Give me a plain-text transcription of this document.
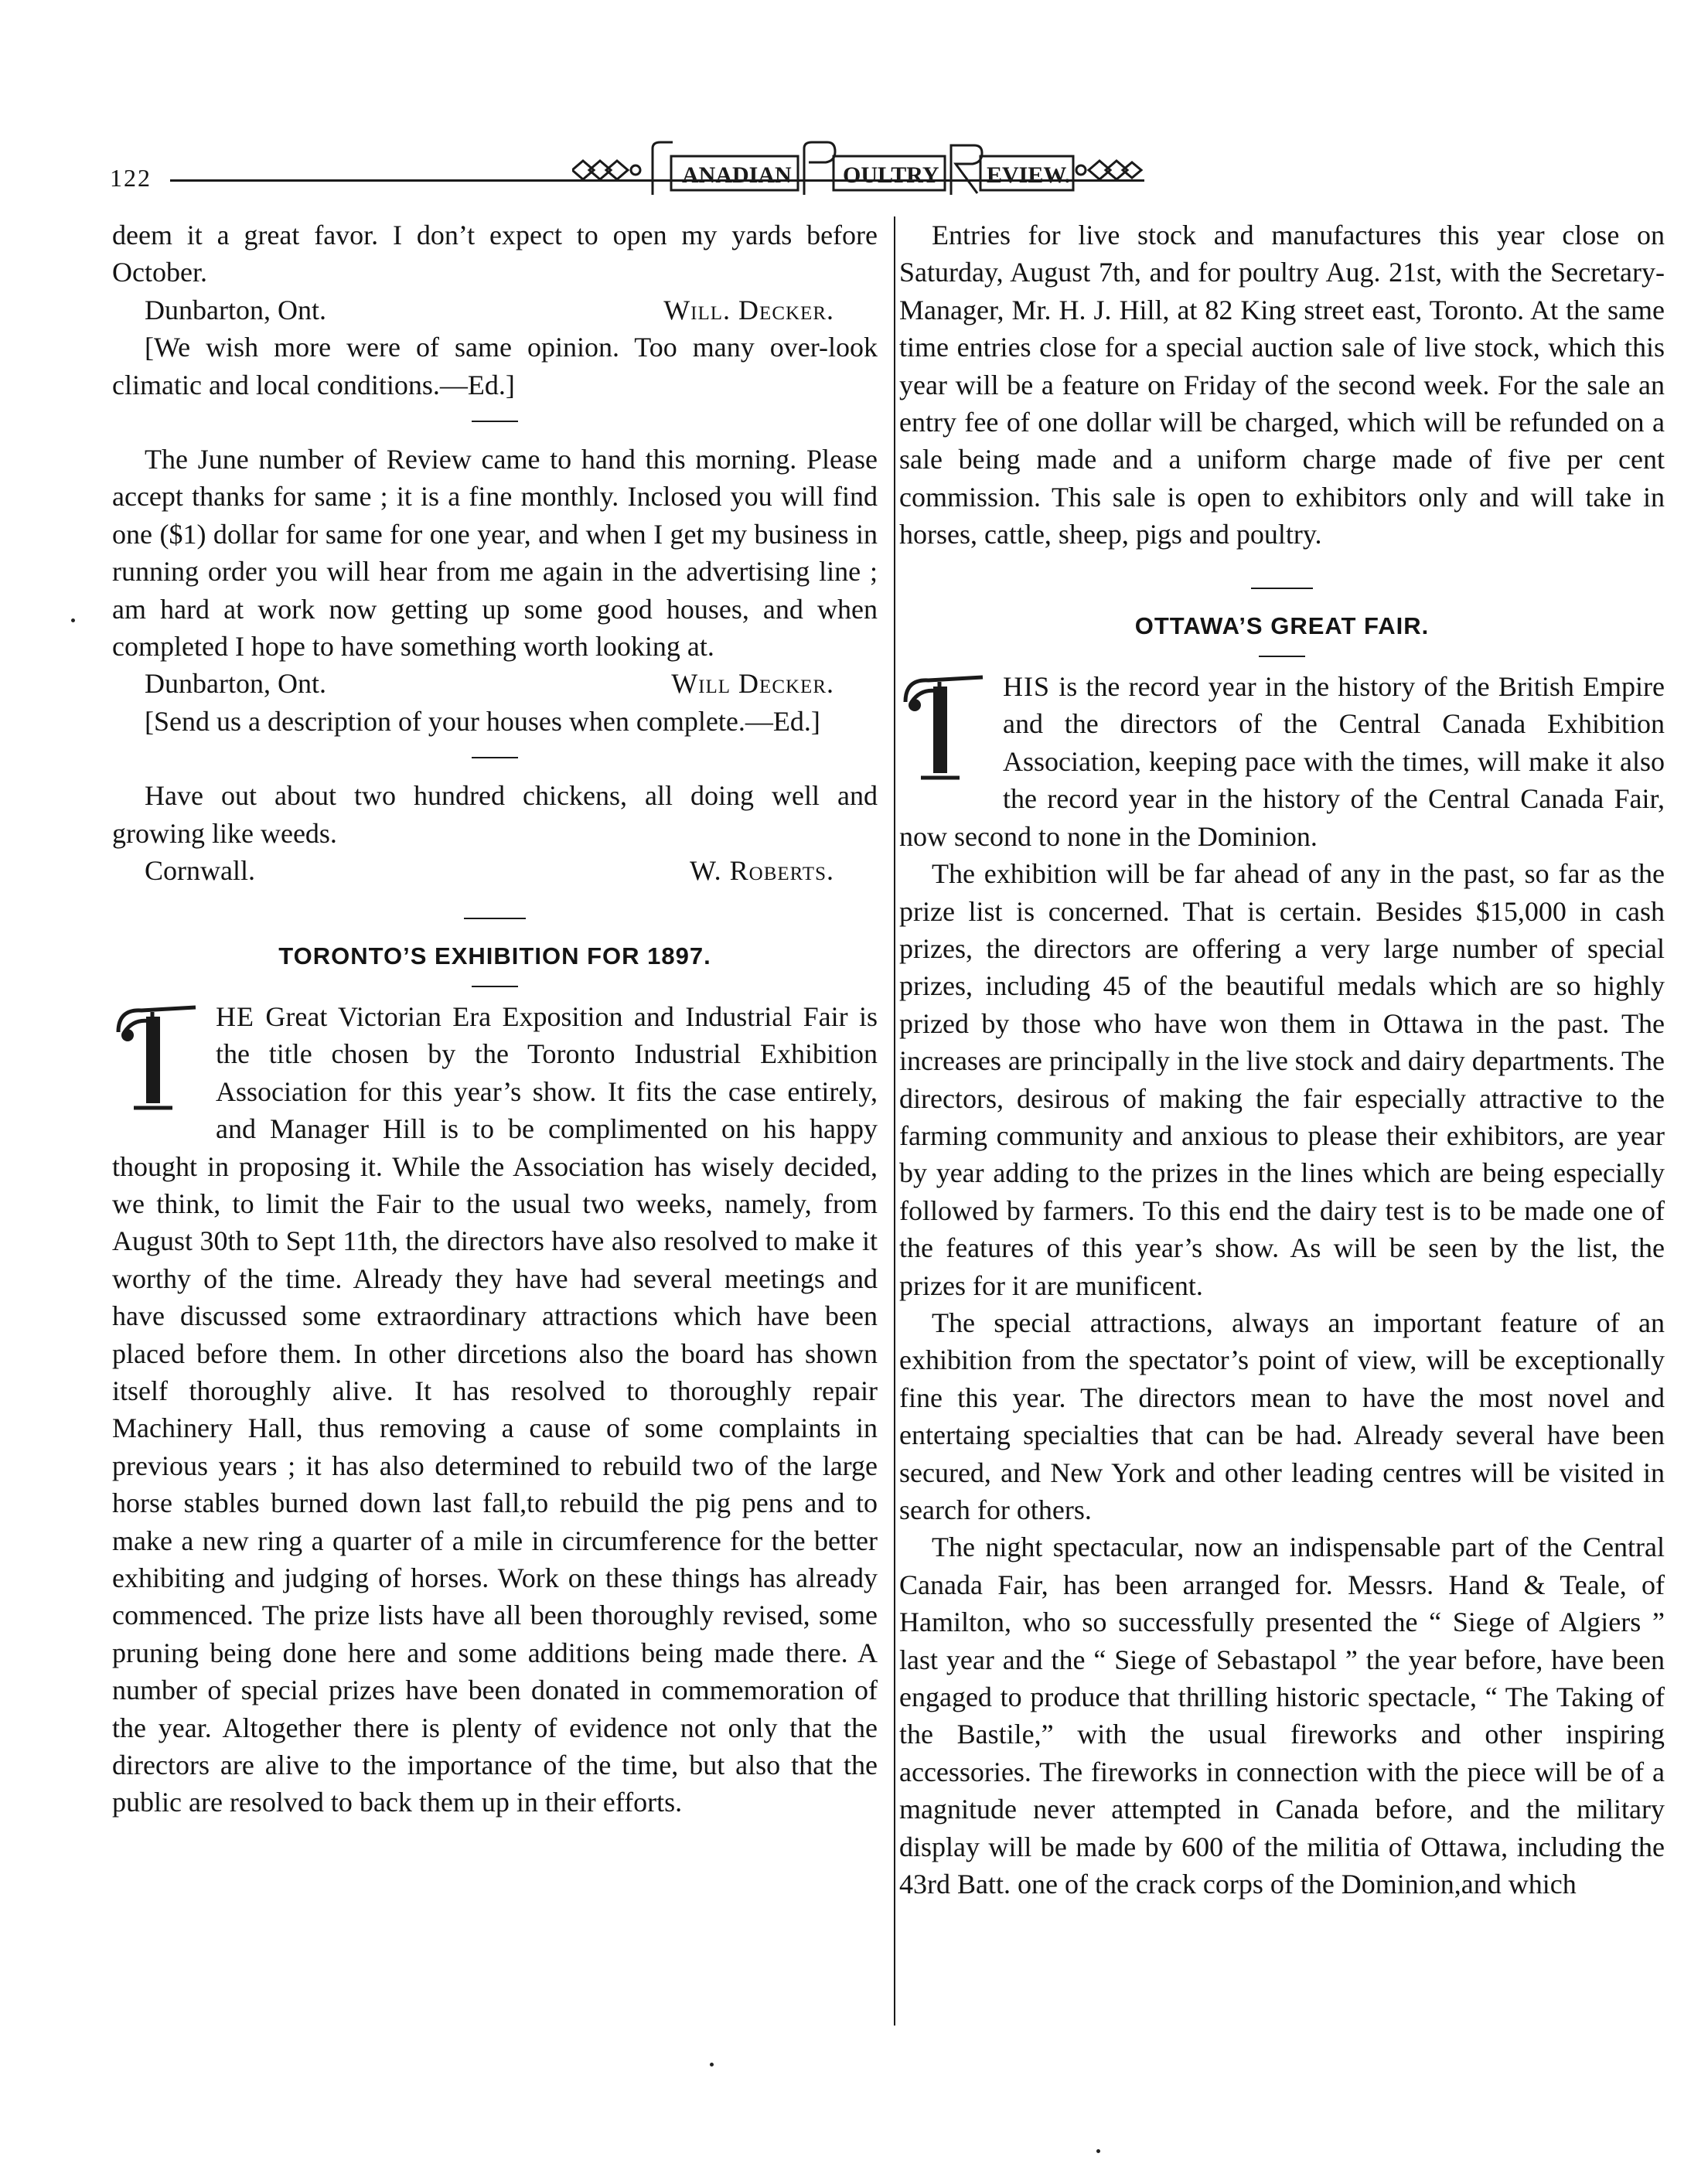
122	ANADIAN OULTRY EVIEW.

deem it a great favor. I don’t expect to open my yards before October.

Dunbarton, Ont.	Will. Decker.

[We wish more were of same opinion. Too many over-look climatic and local conditions.—Ed.]

The June number of Review came to hand this morning. Please accept thanks for same ; it is a fine monthly. Inclosed you will find one ($1) dollar for same for one year, and when I get my business in running order you will hear from me again in the advertising line ; am hard at work now getting up some good houses, and when completed I hope to have something worth looking at.

Dunbarton, Ont.	Will Decker.

[Send us a description of your houses when complete.—Ed.]

Have out about two hundred chickens, all doing well and growing like weeds.

Cornwall.	W. Roberts.
TORONTO’S EXHIBITION FOR 1897.
HE Great Victorian Era Exposition and Industrial Fair is the title chosen by the Toronto Industrial Exhibition Association for this year’s show. It fits the case entirely, and Manager Hill is to be complimented on his happy thought in proposing it. While the Association has wisely decided, we think, to limit the Fair to the usual two weeks, namely, from August 30th to Sept 11th, the directors have also resolved to make it worthy of the time. Already they have had several meetings and have discussed some extraordinary attractions which have been placed before them. In other dircetions also the board has shown itself thoroughly alive. It has resolved to thoroughly repair Machinery Hall, thus removing a cause of some complaints in previous years ; it has also determined to rebuild two of the large horse stables burned down last fall,to rebuild the pig pens and to make a new ring a quarter of a mile in circumference for the better exhibiting and judging of horses. Work on these things has already commenced. The prize lists have all been thoroughly revised, some pruning being done here and some additions being made there. A number of special prizes have been donated in commemoration of the year. Altogether there is plenty of evidence not only that the directors are alive to the importance of the time, but also that the public are resolved to back them up in their efforts.

Entries for live stock and manufactures this year close on Saturday, August 7th, and for poultry Aug. 21st, with the Secretary-Manager, Mr. H. J. Hill, at 82 King street east, Toronto. At the same time entries close for a special auction sale of live stock, which this year will be a feature on Friday of the second week. For the sale an entry fee of one dollar will be charged, which will be refunded on a sale being made and a uniform charge made of five per cent commission. This sale is open to exhibitors only and will take in horses, cattle, sheep, pigs and poultry.

OTTAWA’S GREAT FAIR.
HIS is the record year in the history of the British Empire and the directors of the Central Canada Exhibition Association, keeping pace with the times, will make it also the record year in the history of the Central Canada Fair, now second to none in the Dominion.

The exhibition will be far ahead of any in the past, so far as the prize list is concerned. That is certain. Besides $15,000 in cash prizes, the directors are offering a very large number of special prizes, including 45 of the beautiful medals which are so highly prized by those who have won them in Ottawa in the past. The increases are principally in the live stock and dairy departments. The directors, desirous of making the fair especially attractive to the farming community and anxious to please their exhibitors, are year by year adding to the prizes in the lines which are being especially followed by farmers. To this end the dairy test is to be made one of the features of this year’s show. As will be seen by the list, the prizes for it are munificent.

The special attractions, always an important feature of an exhibition from the spectator’s point of view, will be exceptionally fine this year. The directors mean to have the most novel and entertaing specialties that can be had. Already several have been secured, and New York and other leading centres will be visited in search for others.

The night spectacular, now an indispensable part of the Central Canada Fair, has been arranged for. Messrs. Hand & Teale, of Hamilton, who so successfully presented the “ Siege of Algiers ” last year and the “ Siege of Sebastapol ” the year before, have been engaged to produce that thrilling historic spectacle, “ The Taking of the Bastile,” with the usual fireworks and other inspiring accessories. The fireworks in connection with the piece will be of a magnitude never attempted in Canada before, and the military display will be made by 600 of the militia of Ottawa, including the 43rd Batt. one of the crack corps of the Dominion,and which
